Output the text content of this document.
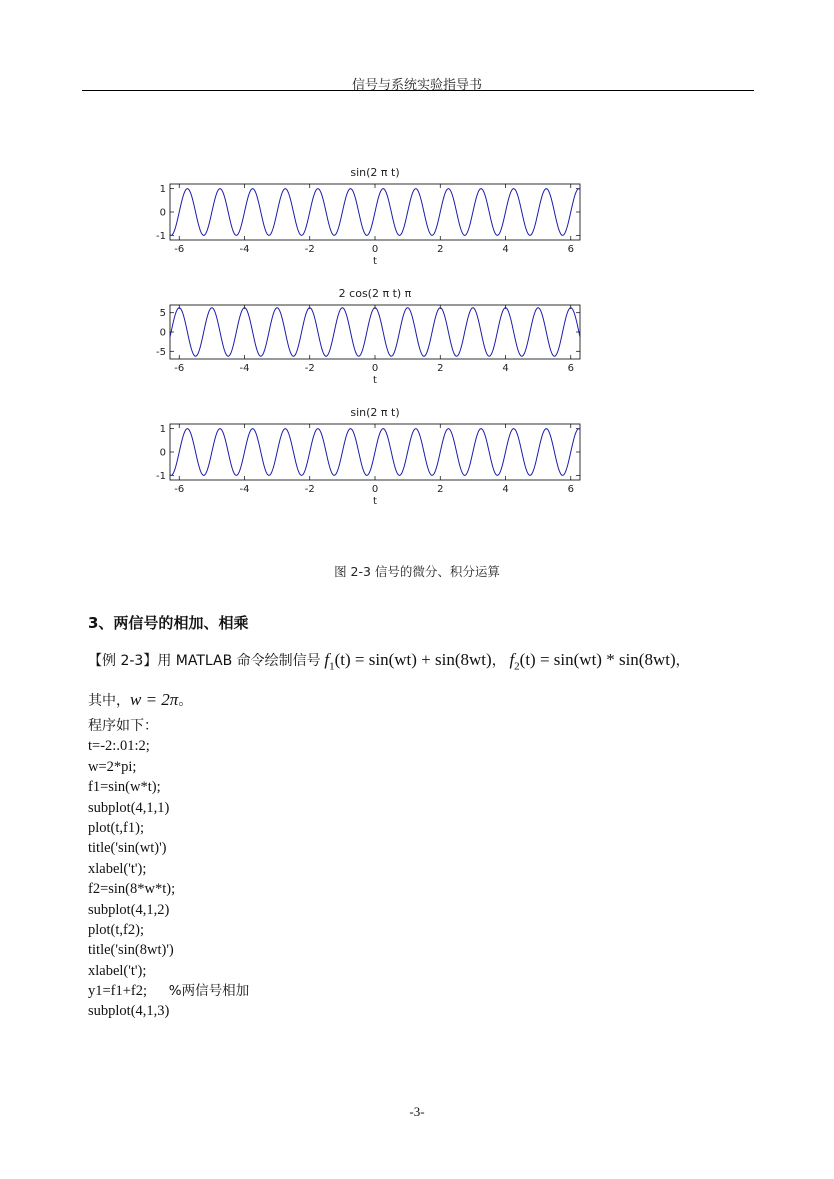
信号与系统实验指导书
sin(2 π t)
-6	-4	-2	0	2	4	6
1
0
-1
t
2 cos(2 π t) π
-6	-4	-2	0	2	4	6
5
0
-5
t
sin(2 π t)
-6	-4	-2	0	2	4	6
1
0
-1
t
图 2-3 信号的微分、积分运算
3、两信号的相加、相乘
【例 2-3】用 MATLAB 命令绘制信号 $f_1(t) = \sin(wt) + \sin(8wt)$， $f_2(t) = \sin(wt) * \sin(8wt)$，
其中，w = 2π。
程序如下：
t=-2:.01:2;
w=2*pi;
f1=sin(w*t);
subplot(4,1,1)
plot(t,f1);
title('sin(wt)')
xlabel('t');
f2=sin(8*w*t);
subplot(4,1,2)
plot(t,f2);
title('sin(8wt)')
xlabel('t');
y1=f1+f2; %两信号相加
subplot(4,1,3)
-3-
